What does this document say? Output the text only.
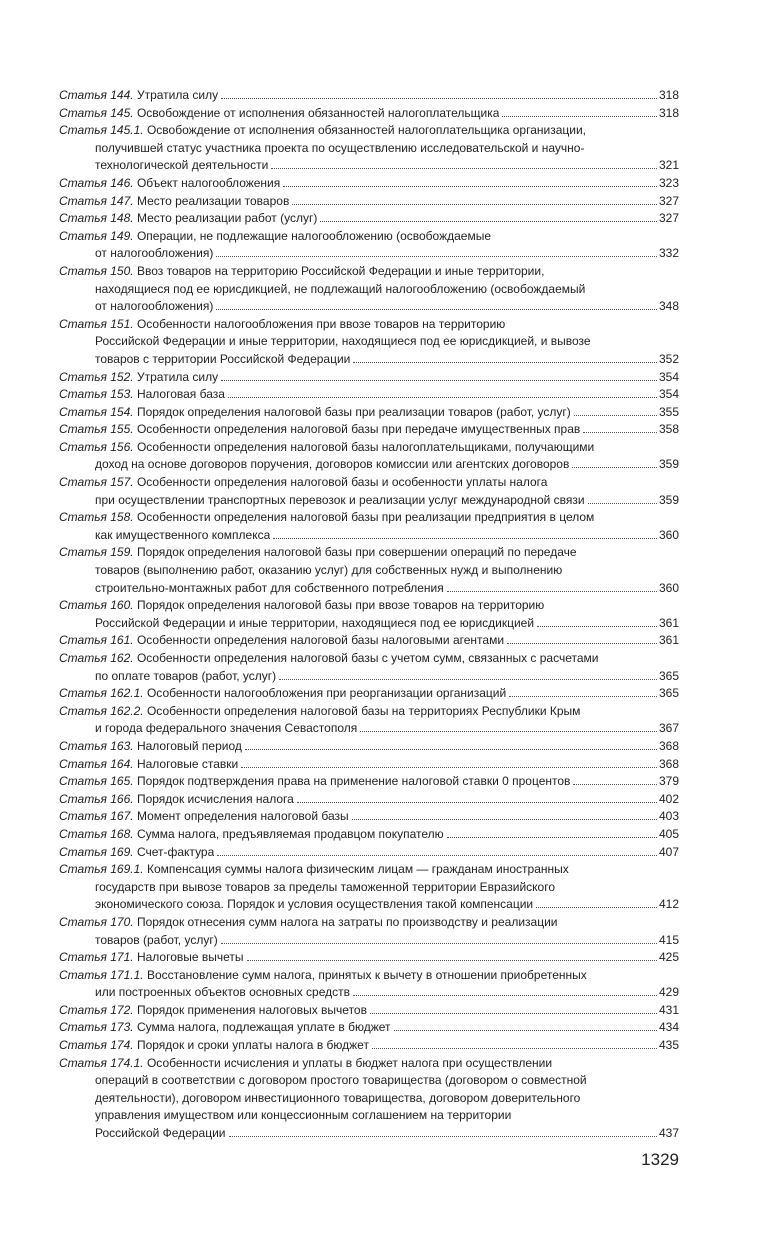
Статья 144. Утратила силу	318
Статья 145. Освобождение от исполнения обязанностей налогоплательщика	318
Статья 145.1. Освобождение от исполнения обязанностей налогоплательщика организации,
получившей статус участника проекта по осуществлению исследовательской и научно-
технологической деятельности	321
Статья 146. Объект налогообложения	323
Статья 147. Место реализации товаров	327
Статья 148. Место реализации работ (услуг)	327
Статья 149. Операции, не подлежащие налогообложению (освобождаемые
от налогообложения)	332
Статья 150. Ввоз товаров на территорию Российской Федерации и иные территории,
находящиеся под ее юрисдикцией, не подлежащий налогообложению (освобождаемый
от налогообложения)	348
Статья 151. Особенности налогообложения при ввозе товаров на территорию
Российской Федерации и иные территории, находящиеся под ее юрисдикцией, и вывозе
товаров с территории Российской Федерации	352
Статья 152. Утратила силу	354
Статья 153. Налоговая база	354
Статья 154. Порядок определения налоговой базы при реализации товаров (работ, услуг)	355
Статья 155. Особенности определения налоговой базы при передаче имущественных прав	358
Статья 156. Особенности определения налоговой базы налогоплательщиками, получающими
доход на основе договоров поручения, договоров комиссии или агентских договоров	359
Статья 157. Особенности определения налоговой базы и особенности уплаты налога
при осуществлении транспортных перевозок и реализации услуг международной связи	359
Статья 158. Особенности определения налоговой базы при реализации предприятия в целом
как имущественного комплекса	360
Статья 159. Порядок определения налоговой базы при совершении операций по передаче
товаров (выполнению работ, оказанию услуг) для собственных нужд и выполнению
строительно-монтажных работ для собственного потребления	360
Статья 160. Порядок определения налоговой базы при ввозе товаров на территорию
Российской Федерации и иные территории, находящиеся под ее юрисдикцией	361
Статья 161. Особенности определения налоговой базы налоговыми агентами	361
Статья 162. Особенности определения налоговой базы с учетом сумм, связанных с расчетами
по оплате товаров (работ, услуг)	365
Статья 162.1. Особенности налогообложения при реорганизации организаций	365
Статья 162.2. Особенности определения налоговой базы на территориях Республики Крым
и города федерального значения Севастополя	367
Статья 163. Налоговый период	368
Статья 164. Налоговые ставки	368
Статья 165. Порядок подтверждения права на применение налоговой ставки 0 процентов	379
Статья 166. Порядок исчисления налога	402
Статья 167. Момент определения налоговой базы	403
Статья 168. Сумма налога, предъявляемая продавцом покупателю	405
Статья 169. Счет-фактура	407
Статья 169.1. Компенсация суммы налога физическим лицам — гражданам иностранных
государств при вывозе товаров за пределы таможенной территории Евразийского
экономического союза. Порядок и условия осуществления такой компенсации	412
Статья 170. Порядок отнесения сумм налога на затраты по производству и реализации
товаров (работ, услуг)	415
Статья 171. Налоговые вычеты	425
Статья 171.1. Восстановление сумм налога, принятых к вычету в отношении приобретенных
или построенных объектов основных средств	429
Статья 172. Порядок применения налоговых вычетов	431
Статья 173. Сумма налога, подлежащая уплате в бюджет	434
Статья 174. Порядок и сроки уплаты налога в бюджет	435
Статья 174.1. Особенности исчисления и уплаты в бюджет налога при осуществлении
операций в соответствии с договором простого товарищества (договором о совместной
деятельности), договором инвестиционного товарищества, договором доверительного
управления имуществом или концессионным соглашением на территории
Российской Федерации	437
1329
